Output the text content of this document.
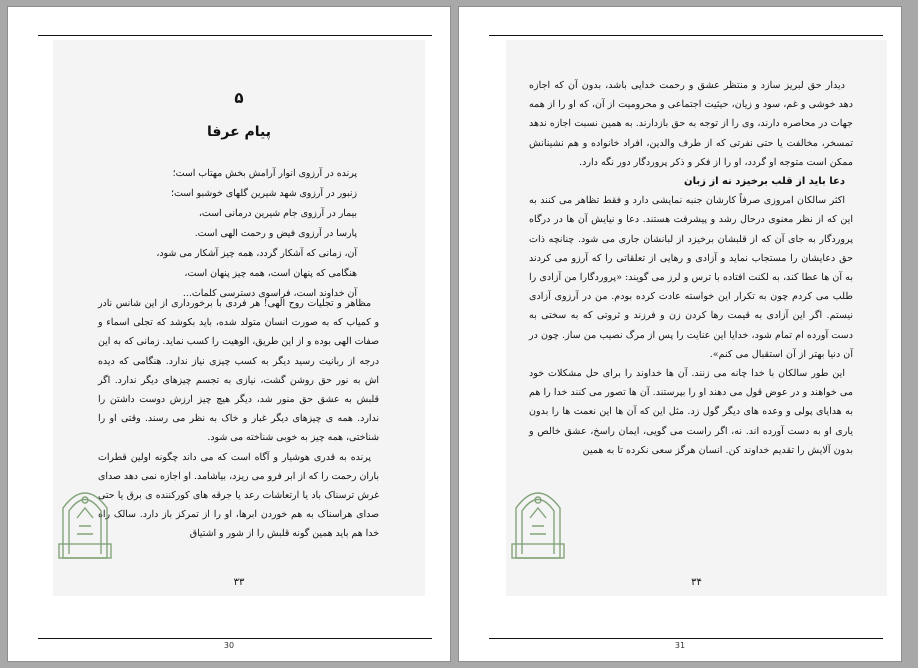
۵
پیام عرفا
پرنده در آرزوی انوار آرامش بخش مهتاب است؛
زنبور در آرزوی شهد شیرین گلهای خوشبو است؛
بیمار در آرزوی جام شیرین درمانی است،
پارسا در آرزوی فیض و رحمت الهی است.
آن، زمانی که آشکار گردد، همه چیز آشکار می شود،
هنگامی که پنهان است، همه چیز پنهان است،
آن خداوند است، فراسوی دسترسی کلمات...

مظاهر و تجلیات روح الهی! هر فردی با برخورداری از این شانس نادر و کمیاب که به صورت انسان متولد شده، باید بکوشد که تجلی اسماء و صفات الهی بوده و از این طریق، الوهیت را کسب نماید. زمانی که به این درجه از ربانیت رسید دیگر به کسب چیزی نیاز ندارد. هنگامی که دیده اش به نور حق روشن گشت، نیازی به تجسم چیزهای دیگر ندارد. اگر قلبش به عشق حق منور شد، دیگر هیچ چیز ارزش دوست داشتن را ندارد. همه ی چیزهای دیگر غبار و خاک به نظر می رسند. وقتی او را شناختی، همه چیز به خوبی شناخته می شود.

پرنده به قدری هوشیار و آگاه است که می داند چگونه اولین قطرات باران رحمت را که از ابر فرو می ریزد، بیاشامد. او اجازه نمی دهد صدای غرش ترسناک باد یا ارتعاشات رعد یا جرقه های کورکننده ی برق یا حتی صدای هراسناک به هم خوردن ابرها، او را از تمرکز باز دارد. سالک راه خدا هم باید همین گونه قلبش را از شور و اشتیاق

۳۳
30

دیدار حق لبریز سازد و منتظر عشق و رحمت خدایی باشد، بدون آن که اجازه دهد خوشی و غم، سود و زیان، حیثیت اجتماعی و محرومیت از آن، که او را از همه جهات در محاصره دارند، وی را از توجه به حق بازدارند. به همین نسبت اجازه ندهد تمسخر، مخالفت یا حتی نفرتی که از طرف والدین، افراد خانواده و هم نشینانش ممکن است متوجه او گردد، او را از فکر و ذکر پروردگار دور نگه دارد.

دعا باید از قلب برخیزد نه از زبان

اکثر سالکان امروزی صرفاً کارشان جنبه نمایشی دارد و فقط تظاهر می کنند به این که از نظر معنوی درحال رشد و پیشرفت هستند. دعا و نیایش آن ها در درگاه پروردگار به جای آن که از قلبشان برخیزد از لبانشان جاری می شود. چنانچه ذات حق دعایشان را مستجاب نماید و آزادی و رهایی از تعلقاتی را که آرزو می کردند به آن ها عطا کند، به لکنت افتاده با ترس و لرز می گویند: «پروردگارا من آزادی را طلب می کردم چون به تکرار این خواسته عادت کرده بودم. من در آرزوی آزادی نیستم. اگر این آزادی به قیمت رها کردن زن و فرزند و ثروتی که به سختی به دست آورده ام تمام شود، خدایا این عنایت را پس از مرگ نصیب من ساز. چون در آن دنیا بهتر از آن استقبال می کنم».

این طور سالکان با خدا چانه می زنند. آن ها خداوند را برای حل مشکلات خود می خواهند و در عوض قول می دهند او را بپرستند. آن ها تصور می کنند خدا را هم به هدایای پولی و وعده های دیگر گول زد. مثل این که آن ها این نعمت ها را بدون یاری او به دست آورده اند. نه، اگر راست می گویی، ایمان راسخ، عشق خالص و بدون آلایش را تقدیم خداوند کن. انسان هرگز سعی نکرده تا به همین

۳۴
31
